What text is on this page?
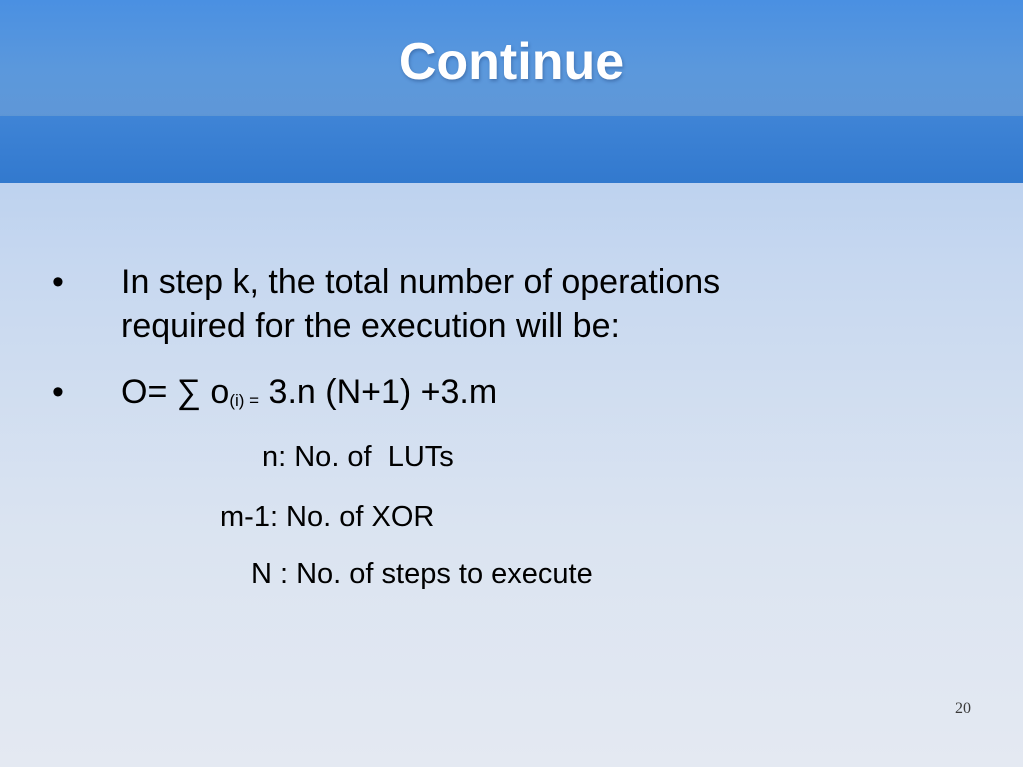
Continue
• In step k, the total number of operations
required for the execution will be:
• O= ∑ o(i) = 3.n (N+1) +3.m
n: No. of  LUTs
m-1: No. of XOR
N : No. of steps to execute
20
